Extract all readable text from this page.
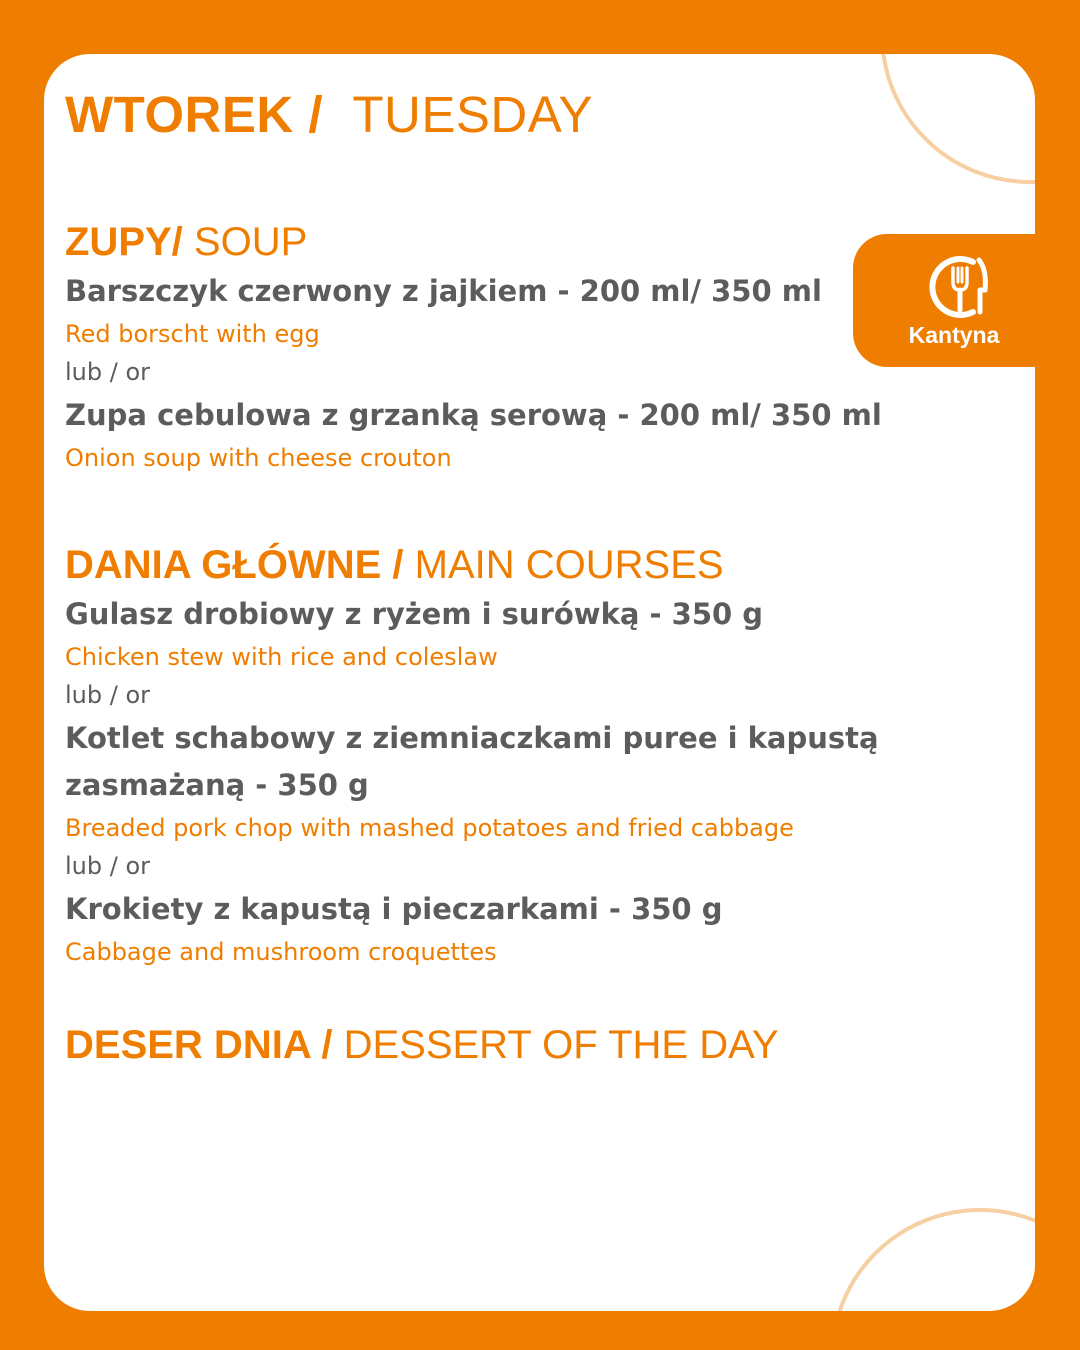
Kantyna
WTOREK / TUESDAY
ZUPY/ SOUP

Barszczyk czerwony z jajkiem - 200 ml/ 350 ml

Red borscht with egg

lub / or

Zupa cebulowa z grzanką serową - 200 ml/ 350 ml

Onion soup with cheese crouton

DANIA GŁÓWNE / MAIN COURSES

Gulasz drobiowy z ryżem i surówką - 350 g

Chicken stew with rice and coleslaw

lub / or

Kotlet schabowy z ziemniaczkami puree i kapustą zasmażaną - 350 g

Breaded pork chop with mashed potatoes and fried cabbage

lub / or

Krokiety z kapustą i pieczarkami - 350 g

Cabbage and mushroom croquettes

DESER DNIA / DESSERT OF THE DAY
